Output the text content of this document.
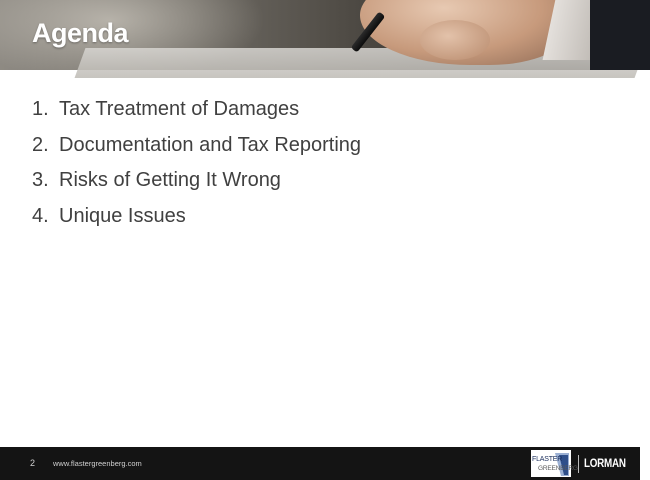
Agenda
1. Tax Treatment of Damages
2. Documentation and Tax Reporting
3. Risks of Getting It Wrong
4. Unique Issues
2 www.flastergreenberg.com	FLASTER
GREENBERG LORMAN
